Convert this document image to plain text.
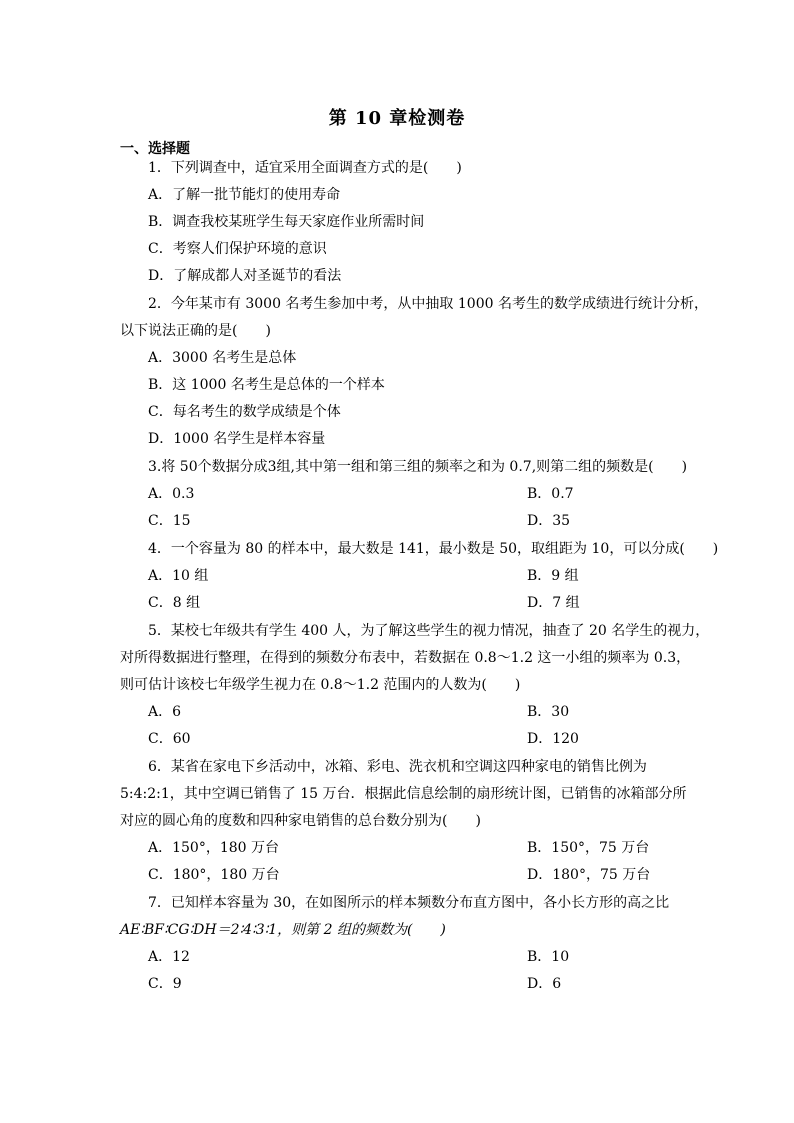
第 10 章检测卷
一、选择题
1．下列调查中，适宜采用全面调查方式的是(　　)
A．了解一批节能灯的使用寿命
B．调查我校某班学生每天家庭作业所需时间
C．考察人们保护环境的意识
D．了解成都人对圣诞节的看法
2．今年某市有 3000 名考生参加中考，从中抽取 1000 名考生的数学成绩进行统计分析，
以下说法正确的是(　　)
A．3000 名考生是总体
B．这 1000 名考生是总体的一个样本
C．每名考生的数学成绩是个体
D．1000 名学生是样本容量
3.将 50个数据分成3组,其中第一组和第三组的频率之和为 0.7,则第二组的频数是(　　)
A．0.3	B．0.7
C．15	D．35
4．一个容量为 80 的样本中，最大数是 141，最小数是 50，取组距为 10，可以分成(　　)
A．10 组	B．9 组
C．8 组	D．7 组
5．某校七年级共有学生 400 人，为了解这些学生的视力情况，抽查了 20 名学生的视力，
对所得数据进行整理，在得到的频数分布表中，若数据在 0.8～1.2 这一小组的频率为 0.3，
则可估计该校七年级学生视力在 0.8～1.2 范围内的人数为(　　)
A．6	B．30
C．60	D．120
6．某省在家电下乡活动中，冰箱、彩电、洗衣机和空调这四种家电的销售比例为
5:4:2:1，其中空调已销售了 15 万台．根据此信息绘制的扇形统计图，已销售的冰箱部分所
对应的圆心角的度数和四种家电销售的总台数分别为(　　)
A．150°，180 万台	B．150°，75 万台
C．180°，180 万台	D．180°，75 万台
7．已知样本容量为 30，在如图所示的样本频数分布直方图中，各小长方形的高之比
AE∶BF∶CG∶DH＝2∶4∶3∶1，则第 2 组的频数为(　　)
A．12	B．10
C．9	D．6
